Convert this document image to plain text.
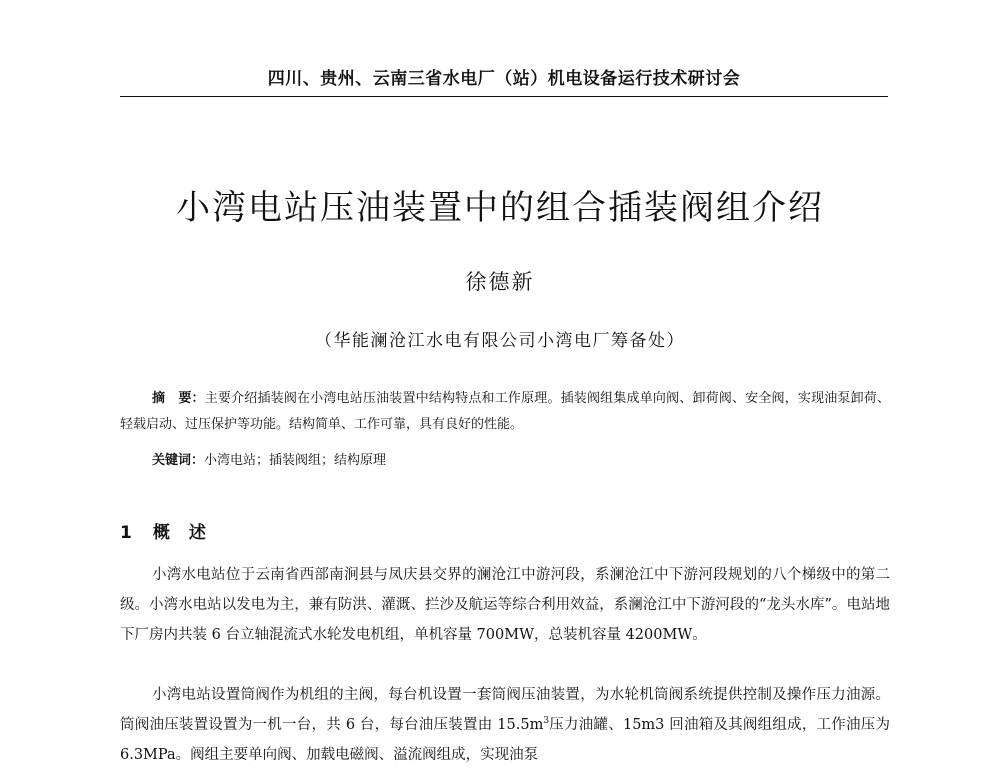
四川、贵州、云南三省水电厂（站）机电设备运行技术研讨会
小湾电站压油装置中的组合插装阀组介绍
徐德新
（华能澜沧江水电有限公司小湾电厂筹备处）
摘　要：主要介绍插装阀在小湾电站压油装置中结构特点和工作原理。插装阀组集成单向阀、卸荷阀、安全阀，实现油泵卸荷、轻载启动、过压保护等功能。结构简单、工作可靠，具有良好的性能。
关键词：小湾电站；插装阀组；结构原理
1 概　述

小湾水电站位于云南省西部南涧县与凤庆县交界的澜沧江中游河段，系澜沧江中下游河段规划的八个梯级中的第二级。小湾水电站以发电为主，兼有防洪、灌溉、拦沙及航运等综合利用效益，系澜沧江中下游河段的“龙头水库”。电站地下厂房内共装 6 台立轴混流式水轮发电机组，单机容量 700MW，总装机容量 4200MW。

小湾电站设置筒阀作为机组的主阀，每台机设置一套筒阀压油装置，为水轮机筒阀系统提供控制及操作压力油源。筒阀油压装置设置为一机一台，共 6 台，每台油压装置由 $15.5m^3$压力油罐、15m3 回油箱及其阀组组成，工作油压为 6.3MPa。阀组主要单向阀、加载电磁阀、溢流阀组成，实现油泵
